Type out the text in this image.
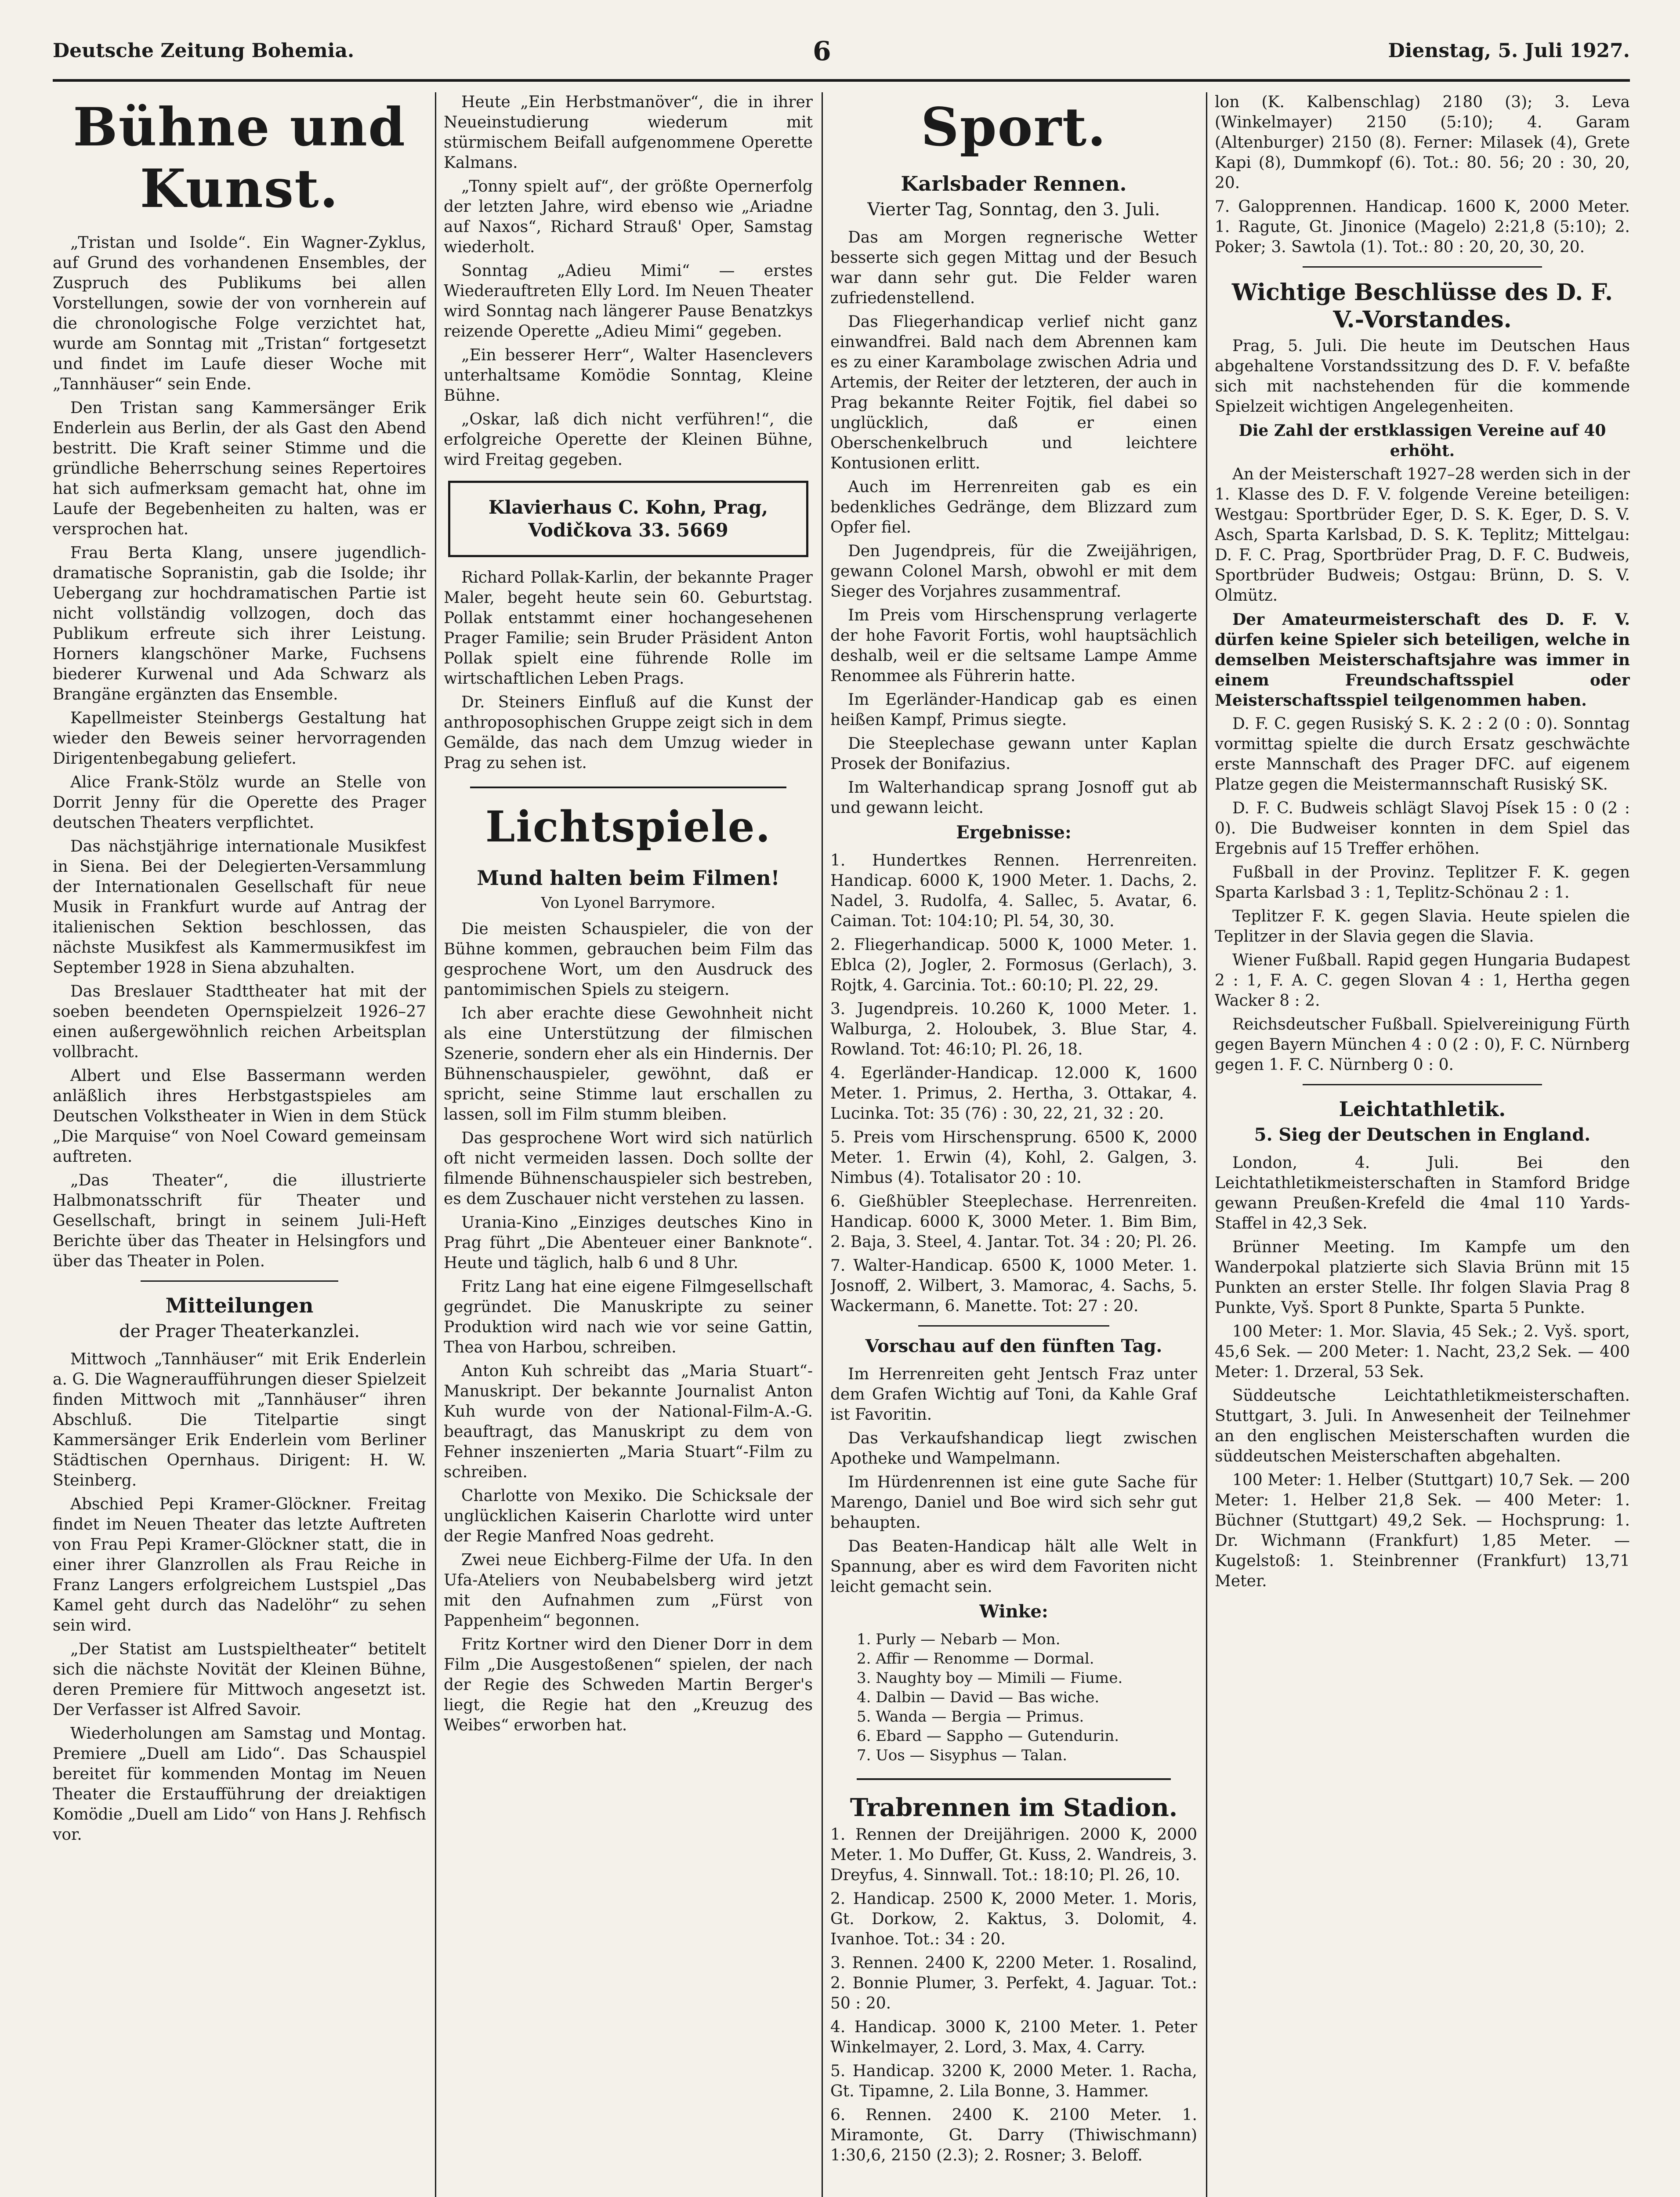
Deutsche Zeitung Bohemia.	6	Dienstag, 5. Juli 1927.
Bühne und Kunst.

„Tristan und Isolde“. Ein Wagner-Zyklus, auf Grund des vorhandenen Ensembles, der Zuspruch des Publikums bei allen Vorstellungen, sowie der von vornherein auf die chronologische Folge verzichtet hat, wurde am Sonntag mit „Tristan“ fortgesetzt und findet im Laufe dieser Woche mit „Tannhäuser“ sein Ende.

Den Tristan sang Kammersänger Erik Enderlein aus Berlin, der als Gast den Abend bestritt. Die Kraft seiner Stimme und die gründliche Beherrschung seines Repertoires hat sich aufmerksam gemacht hat, ohne im Laufe der Begebenheiten zu halten, was er versprochen hat.

Frau Berta Klang, unsere jugendlich-dramatische Sopranistin, gab die Isolde; ihr Uebergang zur hochdramatischen Partie ist nicht vollständig vollzogen, doch das Publikum erfreute sich ihrer Leistung. Horners klangschöner Marke, Fuchsens biederer Kurwenal und Ada Schwarz als Brangäne ergänzten das Ensemble.

Kapellmeister Steinbergs Gestaltung hat wieder den Beweis seiner hervorragenden Dirigentenbegabung geliefert.

Alice Frank-Stölz wurde an Stelle von Dorrit Jenny für die Operette des Prager deutschen Theaters verpflichtet.

Das nächstjährige internationale Musikfest in Siena. Bei der Delegierten-Versammlung der Internationalen Gesellschaft für neue Musik in Frankfurt wurde auf Antrag der italienischen Sektion beschlossen, das nächste Musikfest als Kammermusikfest im September 1928 in Siena abzuhalten.

Das Breslauer Stadttheater hat mit der soeben beendeten Opernspielzeit 1926–27 einen außergewöhnlich reichen Arbeitsplan vollbracht.

Albert und Else Bassermann werden anläßlich ihres Herbstgastspieles am Deutschen Volkstheater in Wien in dem Stück „Die Marquise“ von Noel Coward gemeinsam auftreten.

„Das Theater“, die illustrierte Halbmonatsschrift für Theater und Gesellschaft, bringt in seinem Juli-Heft Berichte über das Theater in Helsingfors und über das Theater in Polen.

Mitteilungen
der Prager Theaterkanzlei.

Mittwoch „Tannhäuser“ mit Erik Enderlein a. G. Die Wagneraufführungen dieser Spielzeit finden Mittwoch mit „Tannhäuser“ ihren Abschluß. Die Titelpartie singt Kammersänger Erik Enderlein vom Berliner Städtischen Opernhaus. Dirigent: H. W. Steinberg.

Abschied Pepi Kramer-Glöckner. Freitag findet im Neuen Theater das letzte Auftreten von Frau Pepi Kramer-Glöckner statt, die in einer ihrer Glanzrollen als Frau Reiche in Franz Langers erfolgreichem Lustspiel „Das Kamel geht durch das Nadelöhr“ zu sehen sein wird.

„Der Statist am Lustspieltheater“ betitelt sich die nächste Novität der Kleinen Bühne, deren Premiere für Mittwoch angesetzt ist. Der Verfasser ist Alfred Savoir.

Wiederholungen am Samstag und Montag. Premiere „Duell am Lido“. Das Schauspiel bereitet für kommenden Montag im Neuen Theater die Erstaufführung der dreiaktigen Komödie „Duell am Lido“ von Hans J. Rehfisch vor.

Heute „Ein Herbstmanöver“, die in ihrer Neueinstudierung wiederum mit stürmischem Beifall aufgenommene Operette Kalmans.

„Tonny spielt auf“, der größte Opernerfolg der letzten Jahre, wird ebenso wie „Ariadne auf Naxos“, Richard Strauß' Oper, Samstag wiederholt.

Sonntag „Adieu Mimi“ — erstes Wiederauftreten Elly Lord. Im Neuen Theater wird Sonntag nach längerer Pause Benatzkys reizende Operette „Adieu Mimi“ gegeben.

„Ein besserer Herr“, Walter Hasenclevers unterhaltsame Komödie Sonntag, Kleine Bühne.

„Oskar, laß dich nicht verführen!“, die erfolgreiche Operette der Kleinen Bühne, wird Freitag gegeben.

Klavierhaus C. Kohn, Prag, Vodičkova 33. 5669

Richard Pollak-Karlin, der bekannte Prager Maler, begeht heute sein 60. Geburtstag. Pollak entstammt einer hochangesehenen Prager Familie; sein Bruder Präsident Anton Pollak spielt eine führende Rolle im wirtschaftlichen Leben Prags.

Dr. Steiners Einfluß auf die Kunst der anthroposophischen Gruppe zeigt sich in dem Gemälde, das nach dem Umzug wieder in Prag zu sehen ist.

Lichtspiele.
Mund halten beim Filmen!
Von Lyonel Barrymore.

Die meisten Schauspieler, die von der Bühne kommen, gebrauchen beim Film das gesprochene Wort, um den Ausdruck des pantomimischen Spiels zu steigern.

Ich aber erachte diese Gewohnheit nicht als eine Unterstützung der filmischen Szenerie, sondern eher als ein Hindernis. Der Bühnenschauspieler, gewöhnt, daß er spricht, seine Stimme laut erschallen zu lassen, soll im Film stumm bleiben.

Das gesprochene Wort wird sich natürlich oft nicht vermeiden lassen. Doch sollte der filmende Bühnenschauspieler sich bestreben, es dem Zuschauer nicht verstehen zu lassen.

Urania-Kino „Einziges deutsches Kino in Prag führt „Die Abenteuer einer Banknote“. Heute und täglich, halb 6 und 8 Uhr.

Fritz Lang hat eine eigene Filmgesellschaft gegründet. Die Manuskripte zu seiner Produktion wird nach wie vor seine Gattin, Thea von Harbou, schreiben.

Anton Kuh schreibt das „Maria Stuart“-Manuskript. Der bekannte Journalist Anton Kuh wurde von der National-Film-A.-G. beauftragt, das Manuskript zu dem von Fehner inszenierten „Maria Stuart“-Film zu schreiben.

Charlotte von Mexiko. Die Schicksale der unglücklichen Kaiserin Charlotte wird unter der Regie Manfred Noas gedreht.

Zwei neue Eichberg-Filme der Ufa. In den Ufa-Ateliers von Neubabelsberg wird jetzt mit den Aufnahmen zum „Fürst von Pappenheim“ begonnen.

Fritz Kortner wird den Diener Dorr in dem Film „Die Ausgestoßenen“ spielen, der nach der Regie des Schweden Martin Berger's liegt, die Regie hat den „Kreuzug des Weibes“ erworben hat.

Sport.
Karlsbader Rennen.
Vierter Tag, Sonntag, den 3. Juli.

Das am Morgen regnerische Wetter besserte sich gegen Mittag und der Besuch war dann sehr gut. Die Felder waren zufriedenstellend.

Das Fliegerhandicap verlief nicht ganz einwandfrei. Bald nach dem Abrennen kam es zu einer Karambolage zwischen Adria und Artemis, der Reiter der letzteren, der auch in Prag bekannte Reiter Fojtik, fiel dabei so unglücklich, daß er einen Oberschenkelbruch und leichtere Kontusionen erlitt.

Auch im Herrenreiten gab es ein bedenkliches Gedränge, dem Blizzard zum Opfer fiel.

Den Jugendpreis, für die Zweijährigen, gewann Colonel Marsh, obwohl er mit dem Sieger des Vorjahres zusammentraf.

Im Preis vom Hirschensprung verlagerte der hohe Favorit Fortis, wohl hauptsächlich deshalb, weil er die seltsame Lampe Amme Renommee als Führerin hatte.

Im Egerländer-Handicap gab es einen heißen Kampf, Primus siegte.

Die Steeplechase gewann unter Kaplan Prosek der Bonifazius.

Im Walterhandicap sprang Josnoff gut ab und gewann leicht.

Ergebnisse:

1. Hundertkes Rennen. Herrenreiten. Handicap. 6000 K, 1900 Meter. 1. Dachs, 2. Nadel, 3. Rudolfa, 4. Sallec, 5. Avatar, 6. Caiman. Tot: 104:10; Pl. 54, 30, 30.

2. Fliegerhandicap. 5000 K, 1000 Meter. 1. Eblca (2), Jogler, 2. Formosus (Gerlach), 3. Rojtk, 4. Garcinia. Tot.: 60:10; Pl. 22, 29.

3. Jugendpreis. 10.260 K, 1000 Meter. 1. Walburga, 2. Holoubek, 3. Blue Star, 4. Rowland. Tot: 46:10; Pl. 26, 18.

4. Egerländer-Handicap. 12.000 K, 1600 Meter. 1. Primus, 2. Hertha, 3. Ottakar, 4. Lucinka. Tot: 35 (76) : 30, 22, 21, 32 : 20.

5. Preis vom Hirschensprung. 6500 K, 2000 Meter. 1. Erwin (4), Kohl, 2. Galgen, 3. Nimbus (4). Totalisator 20 : 10.

6. Gießhübler Steeplechase. Herrenreiten. Handicap. 6000 K, 3000 Meter. 1. Bim Bim, 2. Baja, 3. Steel, 4. Jantar. Tot. 34 : 20; Pl. 26.

7. Walter-Handicap. 6500 K, 1000 Meter. 1. Josnoff, 2. Wilbert, 3. Mamorac, 4. Sachs, 5. Wackermann, 6. Manette. Tot: 27 : 20.

Vorschau auf den fünften Tag.

Im Herrenreiten geht Jentsch Fraz unter dem Grafen Wichtig auf Toni, da Kahle Graf ist Favoritin.

Das Verkaufshandicap liegt zwischen Apotheke und Wampelmann.

Im Hürdenrennen ist eine gute Sache für Marengo, Daniel und Boe wird sich sehr gut behaupten.

Das Beaten-Handicap hält alle Welt in Spannung, aber es wird dem Favoriten nicht leicht gemacht sein.

Winke:
1. Purly — Nebarb — Mon.
2. Affir — Renomme — Dormal.
3. Naughty boy — Mimili — Fiume.
4. Dalbin — David — Bas wiche.
5. Wanda — Bergia — Primus.
6. Ebard — Sappho — Gutendurin.
7. Uos — Sisyphus — Talan.
Trabrennen im Stadion.

1. Rennen der Dreijährigen. 2000 K, 2000 Meter. 1. Mo Duffer, Gt. Kuss, 2. Wandreis, 3. Dreyfus, 4. Sinnwall. Tot.: 18:10; Pl. 26, 10.

2. Handicap. 2500 K, 2000 Meter. 1. Moris, Gt. Dorkow, 2. Kaktus, 3. Dolomit, 4. Ivanhoe. Tot.: 34 : 20.

3. Rennen. 2400 K, 2200 Meter. 1. Rosalind, 2. Bonnie Plumer, 3. Perfekt, 4. Jaguar. Tot.: 50 : 20.

4. Handicap. 3000 K, 2100 Meter. 1. Peter Winkelmayer, 2. Lord, 3. Max, 4. Carry.

5. Handicap. 3200 K, 2000 Meter. 1. Racha, Gt. Tipamne, 2. Lila Bonne, 3. Hammer.

6. Rennen. 2400 K. 2100 Meter. 1. Miramonte, Gt. Darry (Thiwischmann) 1:30,6, 2150 (2.3); 2. Rosner; 3. Beloff.

lon (K. Kalbenschlag) 2180 (3); 3. Leva (Winkelmayer) 2150 (5:10); 4. Garam (Altenburger) 2150 (8). Ferner: Milasek (4), Grete Kapi (8), Dummkopf (6). Tot.: 80. 56; 20 : 30, 20, 20.

7. Galopprennen. Handicap. 1600 K, 2000 Meter. 1. Ragute, Gt. Jinonice (Magelo) 2:21,8 (5:10); 2. Poker; 3. Sawtola (1). Tot.: 80 : 20, 20, 30, 20.

Wichtige Beschlüsse des D. F. V.-Vorstandes.

Prag, 5. Juli. Die heute im Deutschen Haus abgehaltene Vorstandssitzung des D. F. V. befaßte sich mit nachstehenden für die kommende Spielzeit wichtigen Angelegenheiten.

Die Zahl der erstklassigen Vereine auf 40 erhöht.

An der Meisterschaft 1927–28 werden sich in der 1. Klasse des D. F. V. folgende Vereine beteiligen: Westgau: Sportbrüder Eger, D. S. K. Eger, D. S. V. Asch, Sparta Karlsbad, D. S. K. Teplitz; Mittelgau: D. F. C. Prag, Sportbrüder Prag, D. F. C. Budweis, Sportbrüder Budweis; Ostgau: Brünn, D. S. V. Olmütz.

Der Amateurmeisterschaft des D. F. V. dürfen keine Spieler sich beteiligen, welche in demselben Meisterschaftsjahre was immer in einem Freundschaftsspiel oder Meisterschaftsspiel teilgenommen haben.

D. F. C. gegen Rusiský S. K. 2 : 2 (0 : 0). Sonntag vormittag spielte die durch Ersatz geschwächte erste Mannschaft des Prager DFC. auf eigenem Platze gegen die Meistermannschaft Rusiský SK.

D. F. C. Budweis schlägt Slavoj Písek 15 : 0 (2 : 0). Die Budweiser konnten in dem Spiel das Ergebnis auf 15 Treffer erhöhen.

Fußball in der Provinz. Teplitzer F. K. gegen Sparta Karlsbad 3 : 1, Teplitz-Schönau 2 : 1.

Teplitzer F. K. gegen Slavia. Heute spielen die Teplitzer in der Slavia gegen die Slavia.

Wiener Fußball. Rapid gegen Hungaria Budapest 2 : 1, F. A. C. gegen Slovan 4 : 1, Hertha gegen Wacker 8 : 2.

Reichsdeutscher Fußball. Spielvereinigung Fürth gegen Bayern München 4 : 0 (2 : 0), F. C. Nürnberg gegen 1. F. C. Nürnberg 0 : 0.

Leichtathletik.
5. Sieg der Deutschen in England.

London, 4. Juli. Bei den Leichtathletikmeisterschaften in Stamford Bridge gewann Preußen-Krefeld die 4mal 110 Yards-Staffel in 42,3 Sek.

Brünner Meeting. Im Kampfe um den Wanderpokal platzierte sich Slavia Brünn mit 15 Punkten an erster Stelle. Ihr folgen Slavia Prag 8 Punkte, Vyš. Sport 8 Punkte, Sparta 5 Punkte.

100 Meter: 1. Mor. Slavia, 45 Sek.; 2. Vyš. sport, 45,6 Sek. — 200 Meter: 1. Nacht, 23,2 Sek. — 400 Meter: 1. Drzeral, 53 Sek.

Süddeutsche Leichtathletikmeisterschaften. Stuttgart, 3. Juli. In Anwesenheit der Teilnehmer an den englischen Meisterschaften wurden die süddeutschen Meisterschaften abgehalten.

100 Meter: 1. Helber (Stuttgart) 10,7 Sek. — 200 Meter: 1. Helber 21,8 Sek. — 400 Meter: 1. Büchner (Stuttgart) 49,2 Sek. — Hochsprung: 1. Dr. Wichmann (Frankfurt) 1,85 Meter. — Kugelstoß: 1. Steinbrenner (Frankfurt) 13,71 Meter.
